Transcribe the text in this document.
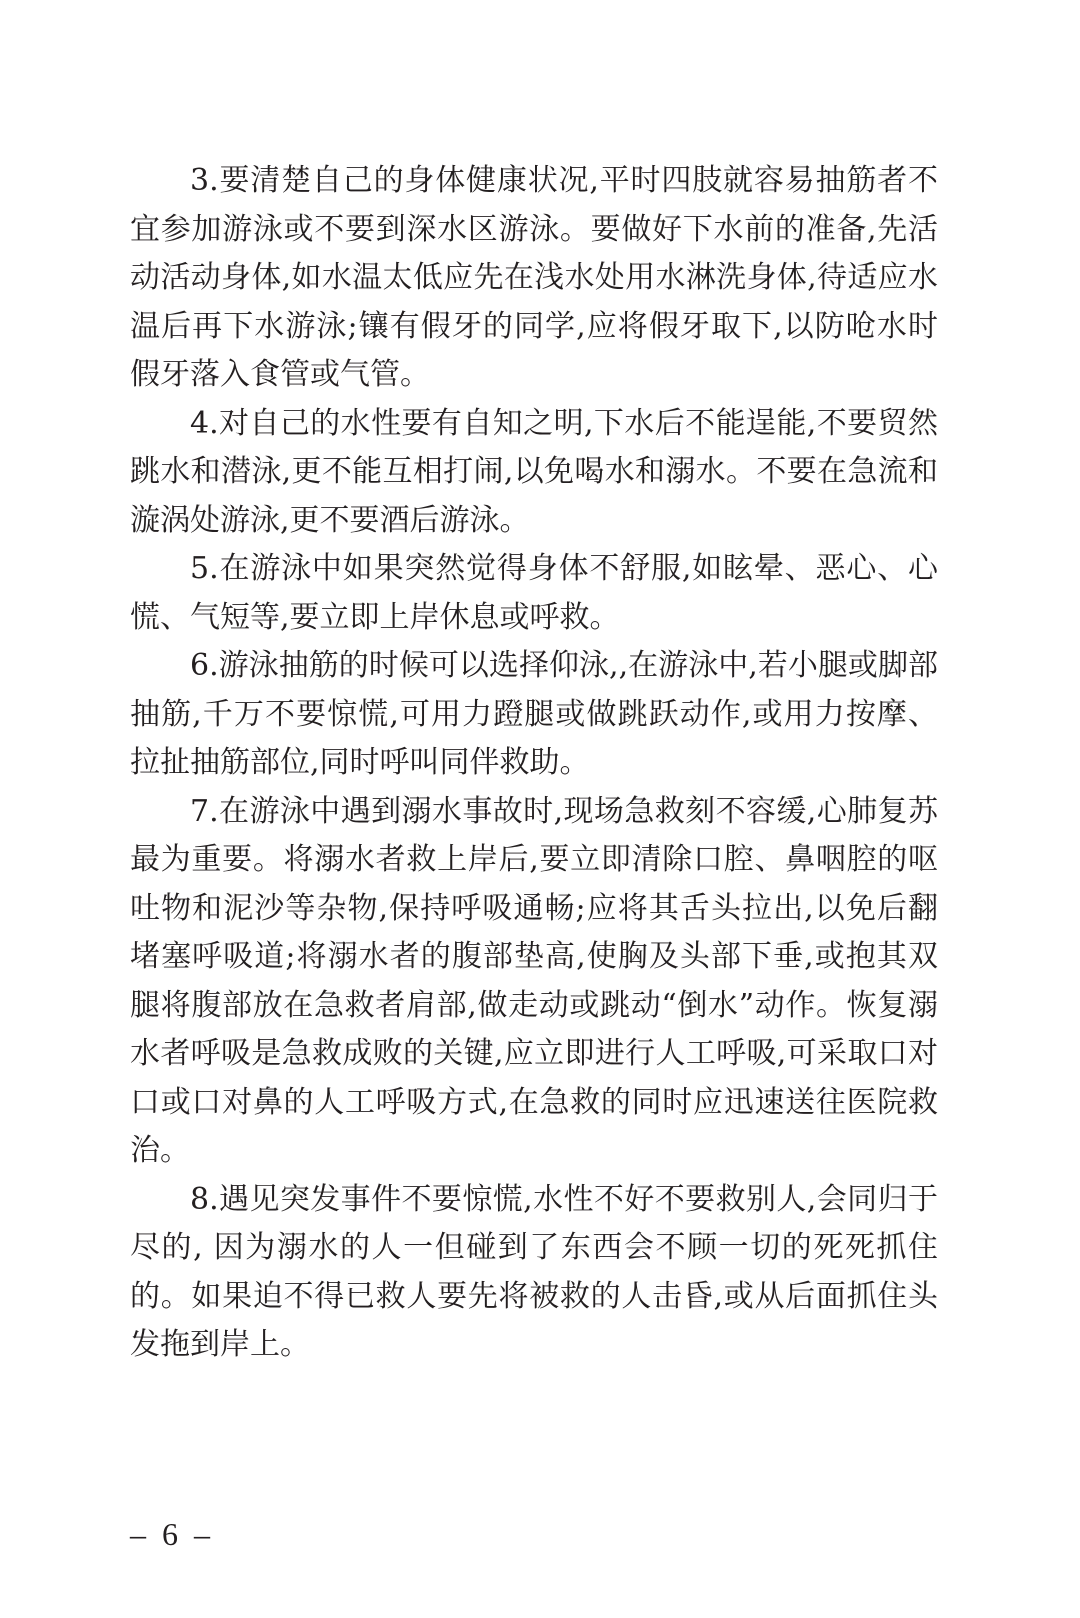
3.要清楚自己的身体健康状况,平时四肢就容易抽筋者不宜参加游泳或不要到深水区游泳。要做好下水前的准备,先活动活动身体,如水温太低应先在浅水处用水淋洗身体,待适应水温后再下水游泳;镶有假牙的同学,应将假牙取下,以防呛水时假牙落入食管或气管。

4.对自己的水性要有自知之明,下水后不能逞能,不要贸然跳水和潜泳,更不能互相打闹,以免喝水和溺水。不要在急流和漩涡处游泳,更不要酒后游泳。

5.在游泳中如果突然觉得身体不舒服,如眩晕、恶心、心慌、气短等,要立即上岸休息或呼救。

6.游泳抽筋的时候可以选择仰泳,,在游泳中,若小腿或脚部抽筋,千万不要惊慌,可用力蹬腿或做跳跃动作,或用力按摩、拉扯抽筋部位,同时呼叫同伴救助。

7.在游泳中遇到溺水事故时,现场急救刻不容缓,心肺复苏最为重要。将溺水者救上岸后,要立即清除口腔、鼻咽腔的呕吐物和泥沙等杂物,保持呼吸通畅;应将其舌头拉出,以免后翻堵塞呼吸道;将溺水者的腹部垫高,使胸及头部下垂,或抱其双腿将腹部放在急救者肩部,做走动或跳动“倒水”动作。恢复溺水者呼吸是急救成败的关键,应立即进行人工呼吸,可采取口对口或口对鼻的人工呼吸方式,在急救的同时应迅速送往医院救治。

8.遇见突发事件不要惊慌,水性不好不要救别人,会同归于尽的, 因为溺水的人一但碰到了东西会不顾一切的死死抓住的。如果迫不得已救人要先将被救的人击昏,或从后面抓住头发拖到岸上。

– 6 –
